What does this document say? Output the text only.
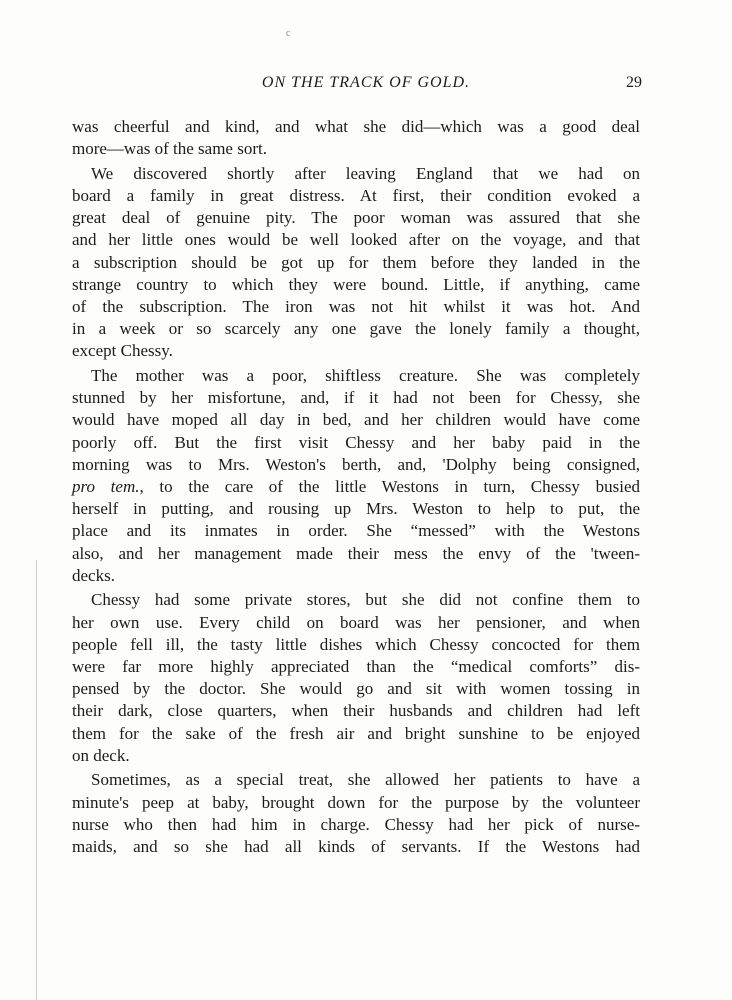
c
ON THE TRACK OF GOLD.	29

was cheerful and kind, and what she did—which was a good deal
more—was of the same sort.

We discovered shortly after leaving England that we had on
board a family in great distress. At first, their condition evoked a
great deal of genuine pity. The poor woman was assured that she
and her little ones would be well looked after on the voyage, and that
a subscription should be got up for them before they landed in the
strange country to which they were bound. Little, if anything, came
of the subscription. The iron was not hit whilst it was hot. And
in a week or so scarcely any one gave the lonely family a thought,
except Chessy.

The mother was a poor, shiftless creature. She was completely
stunned by her misfortune, and, if it had not been for Chessy, she
would have moped all day in bed, and her children would have come
poorly off. But the first visit Chessy and her baby paid in the
morning was to Mrs. Weston's berth, and, 'Dolphy being consigned,
pro tem., to the care of the little Westons in turn, Chessy busied
herself in putting, and rousing up Mrs. Weston to help to put, the
place and its inmates in order. She “messed” with the Westons
also, and her management made their mess the envy of the 'tween-
decks.

Chessy had some private stores, but she did not confine them to
her own use. Every child on board was her pensioner, and when
people fell ill, the tasty little dishes which Chessy concocted for them
were far more highly appreciated than the “medical comforts” dis-
pensed by the doctor. She would go and sit with women tossing in
their dark, close quarters, when their husbands and children had left
them for the sake of the fresh air and bright sunshine to be enjoyed
on deck.

Sometimes, as a special treat, she allowed her patients to have a
minute's peep at baby, brought down for the purpose by the volunteer
nurse who then had him in charge. Chessy had her pick of nurse-
maids, and so she had all kinds of servants. If the Westons had
